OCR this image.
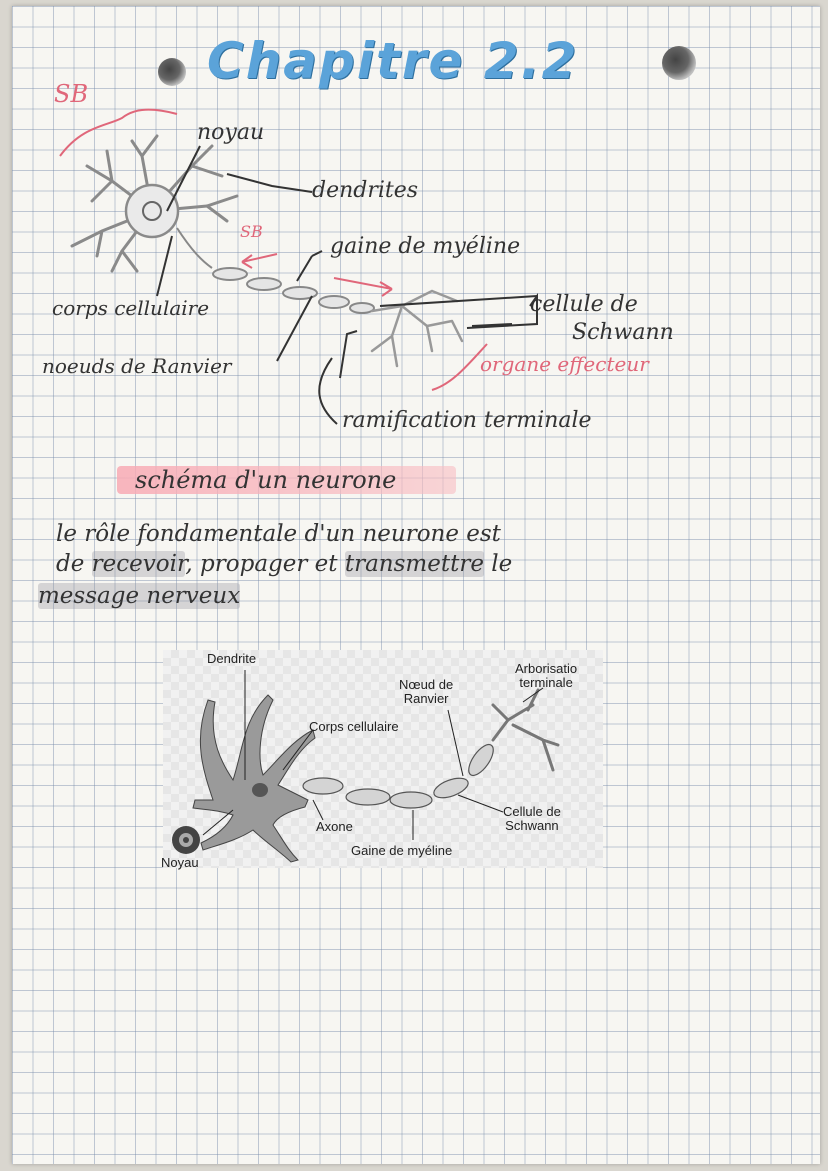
Chapitre 2.2
SB
noyau
dendrites
SB
gaine de myéline
corps cellulaire	cellule de
Schwann
noeuds de Ranvier	organe effecteur
ramification terminale
schéma d'un neurone
le rôle fondamentale d'un neurone est
de recevoir, propager et transmettre le
message nerveux
Dendrite
Nœud de
Ranvier
Arborisatio
terminale
Corps cellulaire
Cellule de
Schwann
Axone
Gaine de myéline
Noyau
